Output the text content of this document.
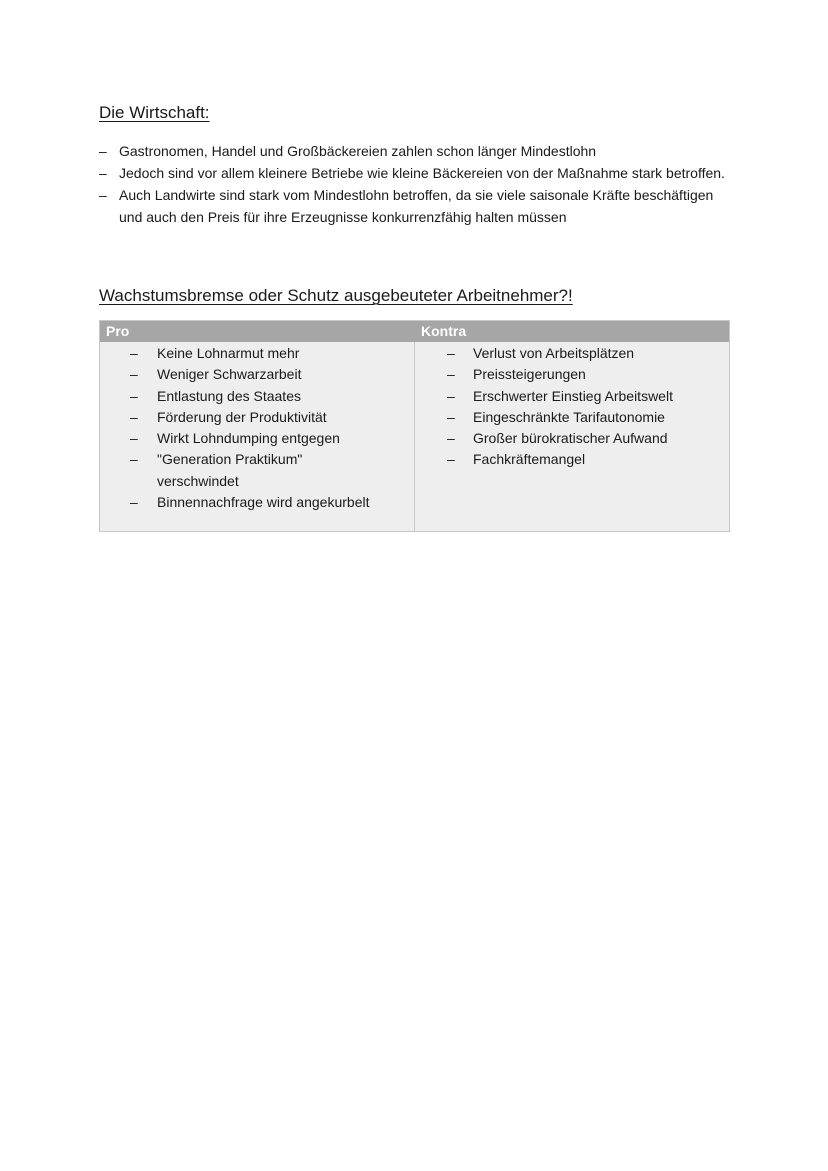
Die Wirtschaft:
– Gastronomen, Handel und Großbäckereien zahlen schon länger Mindestlohn
– Jedoch sind vor allem kleinere Betriebe wie kleine Bäckereien von der Maßnahme stark betroffen.
– Auch Landwirte sind stark vom Mindestlohn betroffen, da sie viele saisonale Kräfte beschäftigen und auch den Preis für ihre Erzeugnisse konkurrenzfähig halten müssen
Wachstumsbremse oder Schutz ausgebeuteter Arbeitnehmer?!
Pro	Kontra
– Keine Lohnarmut mehr
– Weniger Schwarzarbeit
– Entlastung des Staates
– Förderung der Produktivität
– Wirkt Lohndumping entgegen
– "Generation Praktikum" verschwindet
– Binnennachfrage wird angekurbelt
– Verlust von Arbeitsplätzen
– Preissteigerungen
– Erschwerter Einstieg Arbeitswelt
– Eingeschränkte Tarifautonomie
– Großer bürokratischer Aufwand
– Fachkräftemangel
